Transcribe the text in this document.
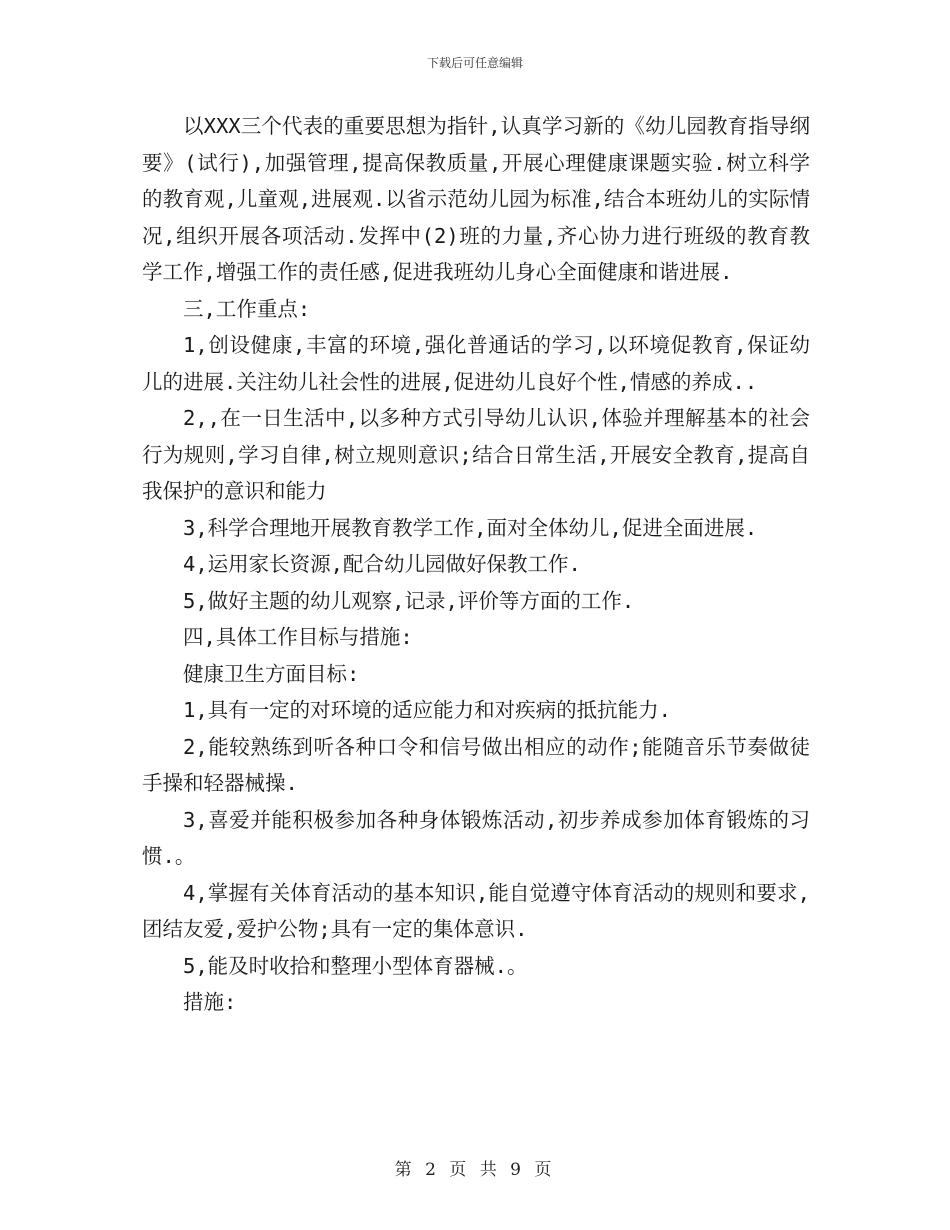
下载后可任意编辑

以XXX三个代表的重要思想为指针,认真学习新的《幼儿园教育指导纲要》(试行),加强管理,提高保教质量,开展心理健康课题实验.树立科学的教育观,儿童观,进展观.以省示范幼儿园为标准,结合本班幼儿的实际情况,组织开展各项活动.发挥中(2)班的力量,齐心协力进行班级的教育教学工作,增强工作的责任感,促进我班幼儿身心全面健康和谐进展.

三,工作重点:

1,创设健康,丰富的环境,强化普通话的学习,以环境促教育,保证幼儿的进展.关注幼儿社会性的进展,促进幼儿良好个性,情感的养成..

2,,在一日生活中,以多种方式引导幼儿认识,体验并理解基本的社会行为规则,学习自律,树立规则意识;结合日常生活,开展安全教育,提高自我保护的意识和能力

3,科学合理地开展教育教学工作,面对全体幼儿,促进全面进展.

4,运用家长资源,配合幼儿园做好保教工作.

5,做好主题的幼儿观察,记录,评价等方面的工作.

四,具体工作目标与措施:

健康卫生方面目标:

1,具有一定的对环境的适应能力和对疾病的抵抗能力.

2,能较熟练到听各种口令和信号做出相应的动作;能随音乐节奏做徒手操和轻器械操.

3,喜爱并能积极参加各种身体锻炼活动,初步养成参加体育锻炼的习惯.。

4,掌握有关体育活动的基本知识,能自觉遵守体育活动的规则和要求,团结友爱,爱护公物;具有一定的集体意识.

5,能及时收拾和整理小型体育器械.。

措施:

第 2 页 共 9 页
